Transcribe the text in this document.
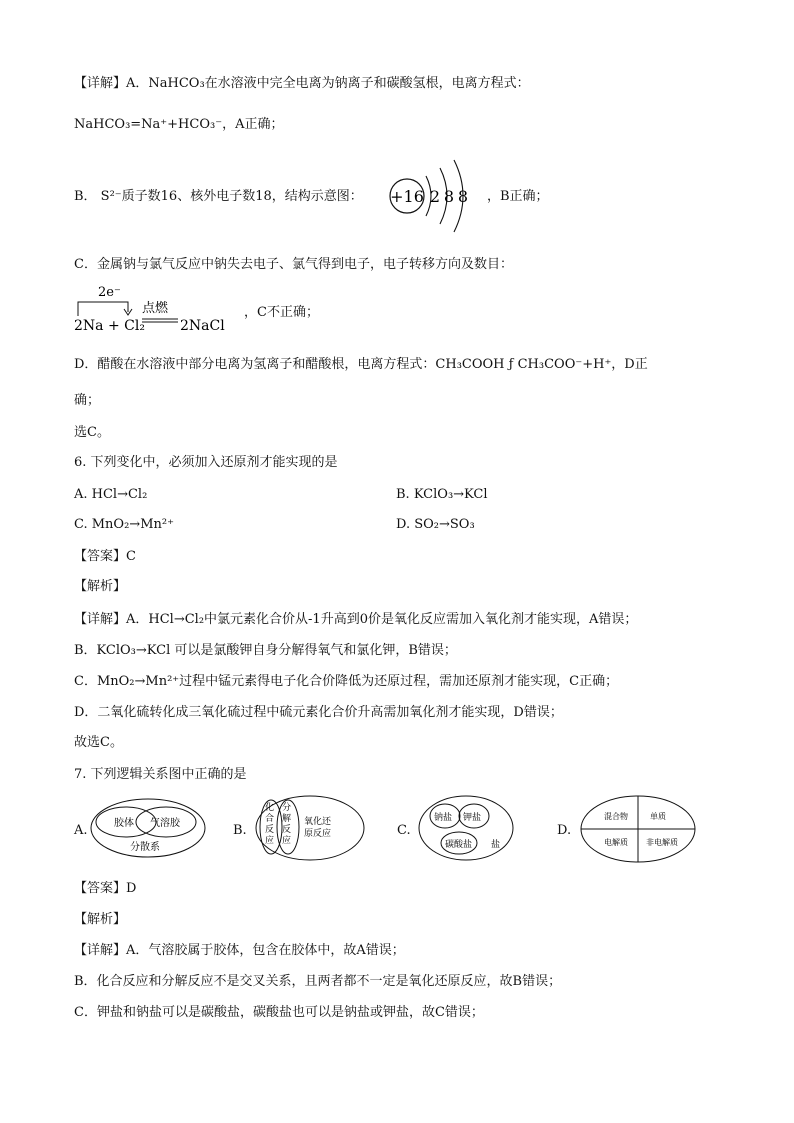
【详解】A．NaHCO₃在水溶液中完全电离为钠离子和碳酸氢根，电离方程式：
NaHCO₃=Na⁺+HCO₃⁻，A正确；
B． S²⁻质子数16、核外电子数18，结构示意图： +16 2 8 8 ，B正确；
C．金属钠与氯气反应中钠失去电子、氯气得到电子，电子转移方向及数目：
2e⁻
点燃
2Na + Cl₂	2NaCl
，C不正确；
D．醋酸在水溶液中部分电离为氢离子和醋酸根，电离方程式：CH₃COOH ƒ CH₃COO⁻+H⁺，D正
确；
选C。
6. 下列变化中，必须加入还原剂才能实现的是
A. HCl→Cl₂	B. KClO₃→KCl
C. MnO₂→Mn²⁺	D. SO₂→SO₃
【答案】C
【解析】
【详解】A．HCl→Cl₂中氯元素化合价从-1升高到0价是氧化反应需加入氧化剂才能实现，A错误；
B．KClO₃→KCl 可以是氯酸钾自身分解得氧气和氯化钾，B错误；
C．MnO₂→Mn²⁺过程中锰元素得电子化合价降低为还原过程，需加还原剂才能实现，C正确；
D．二氧化硫转化成三氧化硫过程中硫元素化合价升高需加氧化剂才能实现，D错误；
故选C。
7. 下列逻辑关系图中正确的是
A.	胶体 气溶胶
分散系
B.
化
合
反
应
分
解
反
应
氧化还
原反应	C.
钠盐 钾盐
碳酸盐 盐
D.
混合物	单质
电解质 非电解质
【答案】D
【解析】
【详解】A．气溶胶属于胶体，包含在胶体中，故A错误；
B．化合反应和分解反应不是交叉关系，且两者都不一定是氧化还原反应，故B错误；
C．钾盐和钠盐可以是碳酸盐，碳酸盐也可以是钠盐或钾盐，故C错误；
